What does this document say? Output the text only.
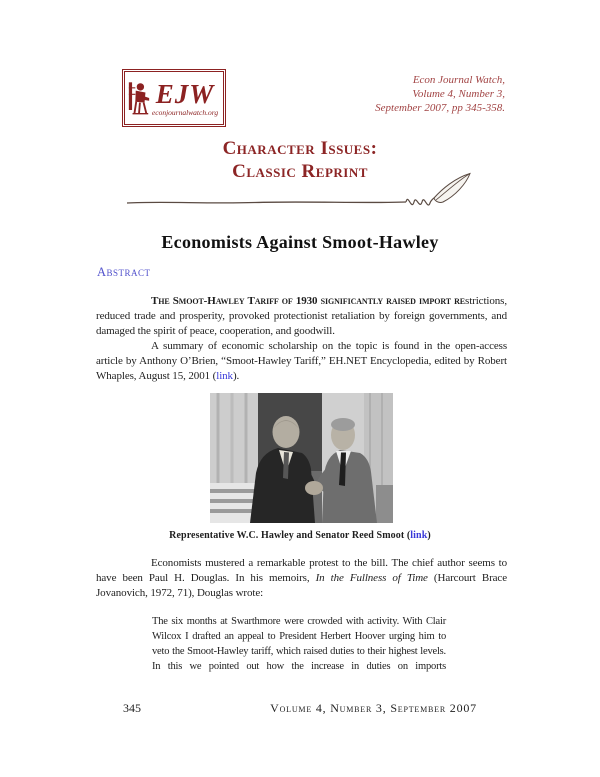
EJW
econjournalwatch.org
Econ Journal Watch,
Volume 4, Number 3,
September 2007, pp 345-358.
Character Issues:
Classic Reprint
Economists Against Smoot-Hawley
Abstract

The Smoot-Hawley Tariff of 1930 significantly raised import restrictions, reduced trade and prosperity, provoked protectionist retaliation by foreign governments, and damaged the spirit of peace, cooperation, and goodwill.

A summary of economic scholarship on the topic is found in the open-access article by Anthony O’Brien, “Smoot-Hawley Tariff,” EH.NET Encyclopedia, edited by Robert Whaples, August 15, 2001 (link).

Representative W.C. Hawley and Senator Reed Smoot (link)

Economists mustered a remarkable protest to the bill. The chief author seems to have been Paul H. Douglas. In his memoirs, In the Fullness of Time (Harcourt Brace Jovanovich, 1972, 71), Douglas wrote:

The six months at Swarthmore were crowded with activity. With Clair Wilcox I drafted an appeal to President Herbert Hoover urging him to veto the Smoot-Hawley tariff, which raised duties to their highest levels. In this we pointed out how the increase in duties on imports
345	Volume 4, Number 3, September 2007
